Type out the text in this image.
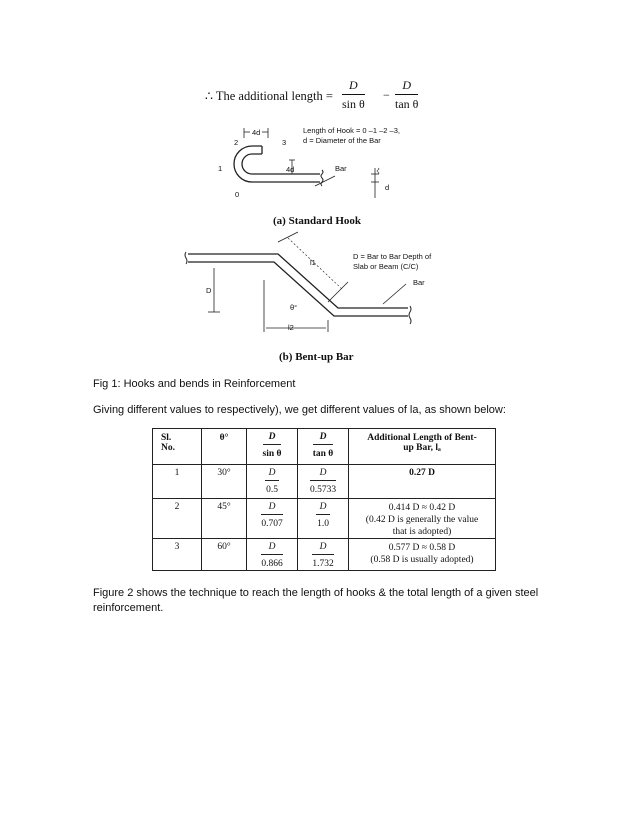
∴ The additional length = $\frac{D}{\text{sin θ}} - \frac{D}{\text{tan θ}}$
4d	Length of Hook = 0 –1 –2 –3,
d = Diameter of the Bar
2	3
1
0
4d	Bar
d
(a) Standard Hook
D = Bar to Bar Depth of
Slab or Beam (C/C)
Bar
l1
D
θ°
l2
(b) Bent-up Bar
Fig 1: Hooks and bends in Reinforcement
Giving different values to respectively), we get different values of la, as shown below:
Sl.
No.	θ°	$\frac{D}{\text{sin θ}}$	$\frac{D}{\text{tan θ}}$	Additional Length of Bent-
up Bar, lₐ

1	30°	$\frac{D}{0.5}$	$\frac{D}{0.5733}$	0.27 D
2	45°	$\frac{D}{0.707}$	$\frac{D}{1.0}$	0.414 D ≈ 0.42 D
(0.42 D is generally the value
that is adopted)

3	60°	$\frac{D}{0.866}$	$\frac{D}{1.732}$	0.577 D ≈ 0.58 D
(0.58 D is usually adopted)
Figure 2 shows the technique to reach the length of hooks & the total length of a given steel
reinforcement.
